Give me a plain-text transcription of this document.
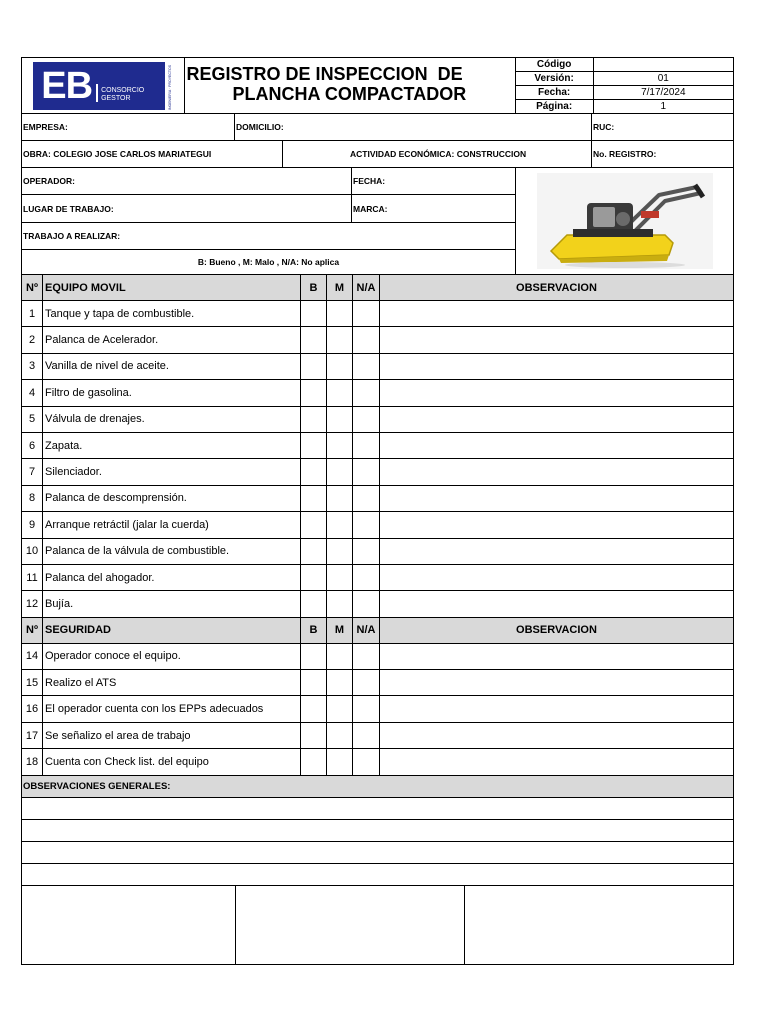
EB CONSORCIO
GESTOR	INGENIERÍA · PROYECTOS REGISTRO DE INSPECCION  DE
PLANCHA COMPACTADOR
Código
Versión:	01
Fecha:	7/17/2024
Página:	1
EMPRESA:	DOMICILIO:	RUC:
OBRA: COLEGIO JOSE CARLOS MARIATEGUI	ACTIVIDAD ECONÓMICA: CONSTRUCCION	No. REGISTRO:
OPERADOR:	FECHA:
LUGAR DE TRABAJO:	MARCA:
TRABAJO A REALIZAR:
B: Bueno , M: Malo , N/A: No aplica
Nº EQUIPO MOVIL	B	M	N/A	OBSERVACION
1 Tanque y tapa de combustible.
2 Palanca de Acelerador.
3 Vanilla de nivel de aceite.
4 Filtro de gasolina.
5 Válvula de drenajes.
6 Zapata.
7 Silenciador.
8 Palanca de descomprensión.
9 Arranque retráctil (jalar la cuerda)
10 Palanca de la válvula de combustible.
11 Palanca del ahogador.
12 Bujía.
Nº SEGURIDAD	B	M	N/A	OBSERVACION
14 Operador conoce el equipo.
15 Realizo el ATS
16 El operador cuenta con los EPPs adecuados
17 Se señalizo el area de trabajo
18 Cuenta con Check list. del equipo
OBSERVACIONES GENERALES:
